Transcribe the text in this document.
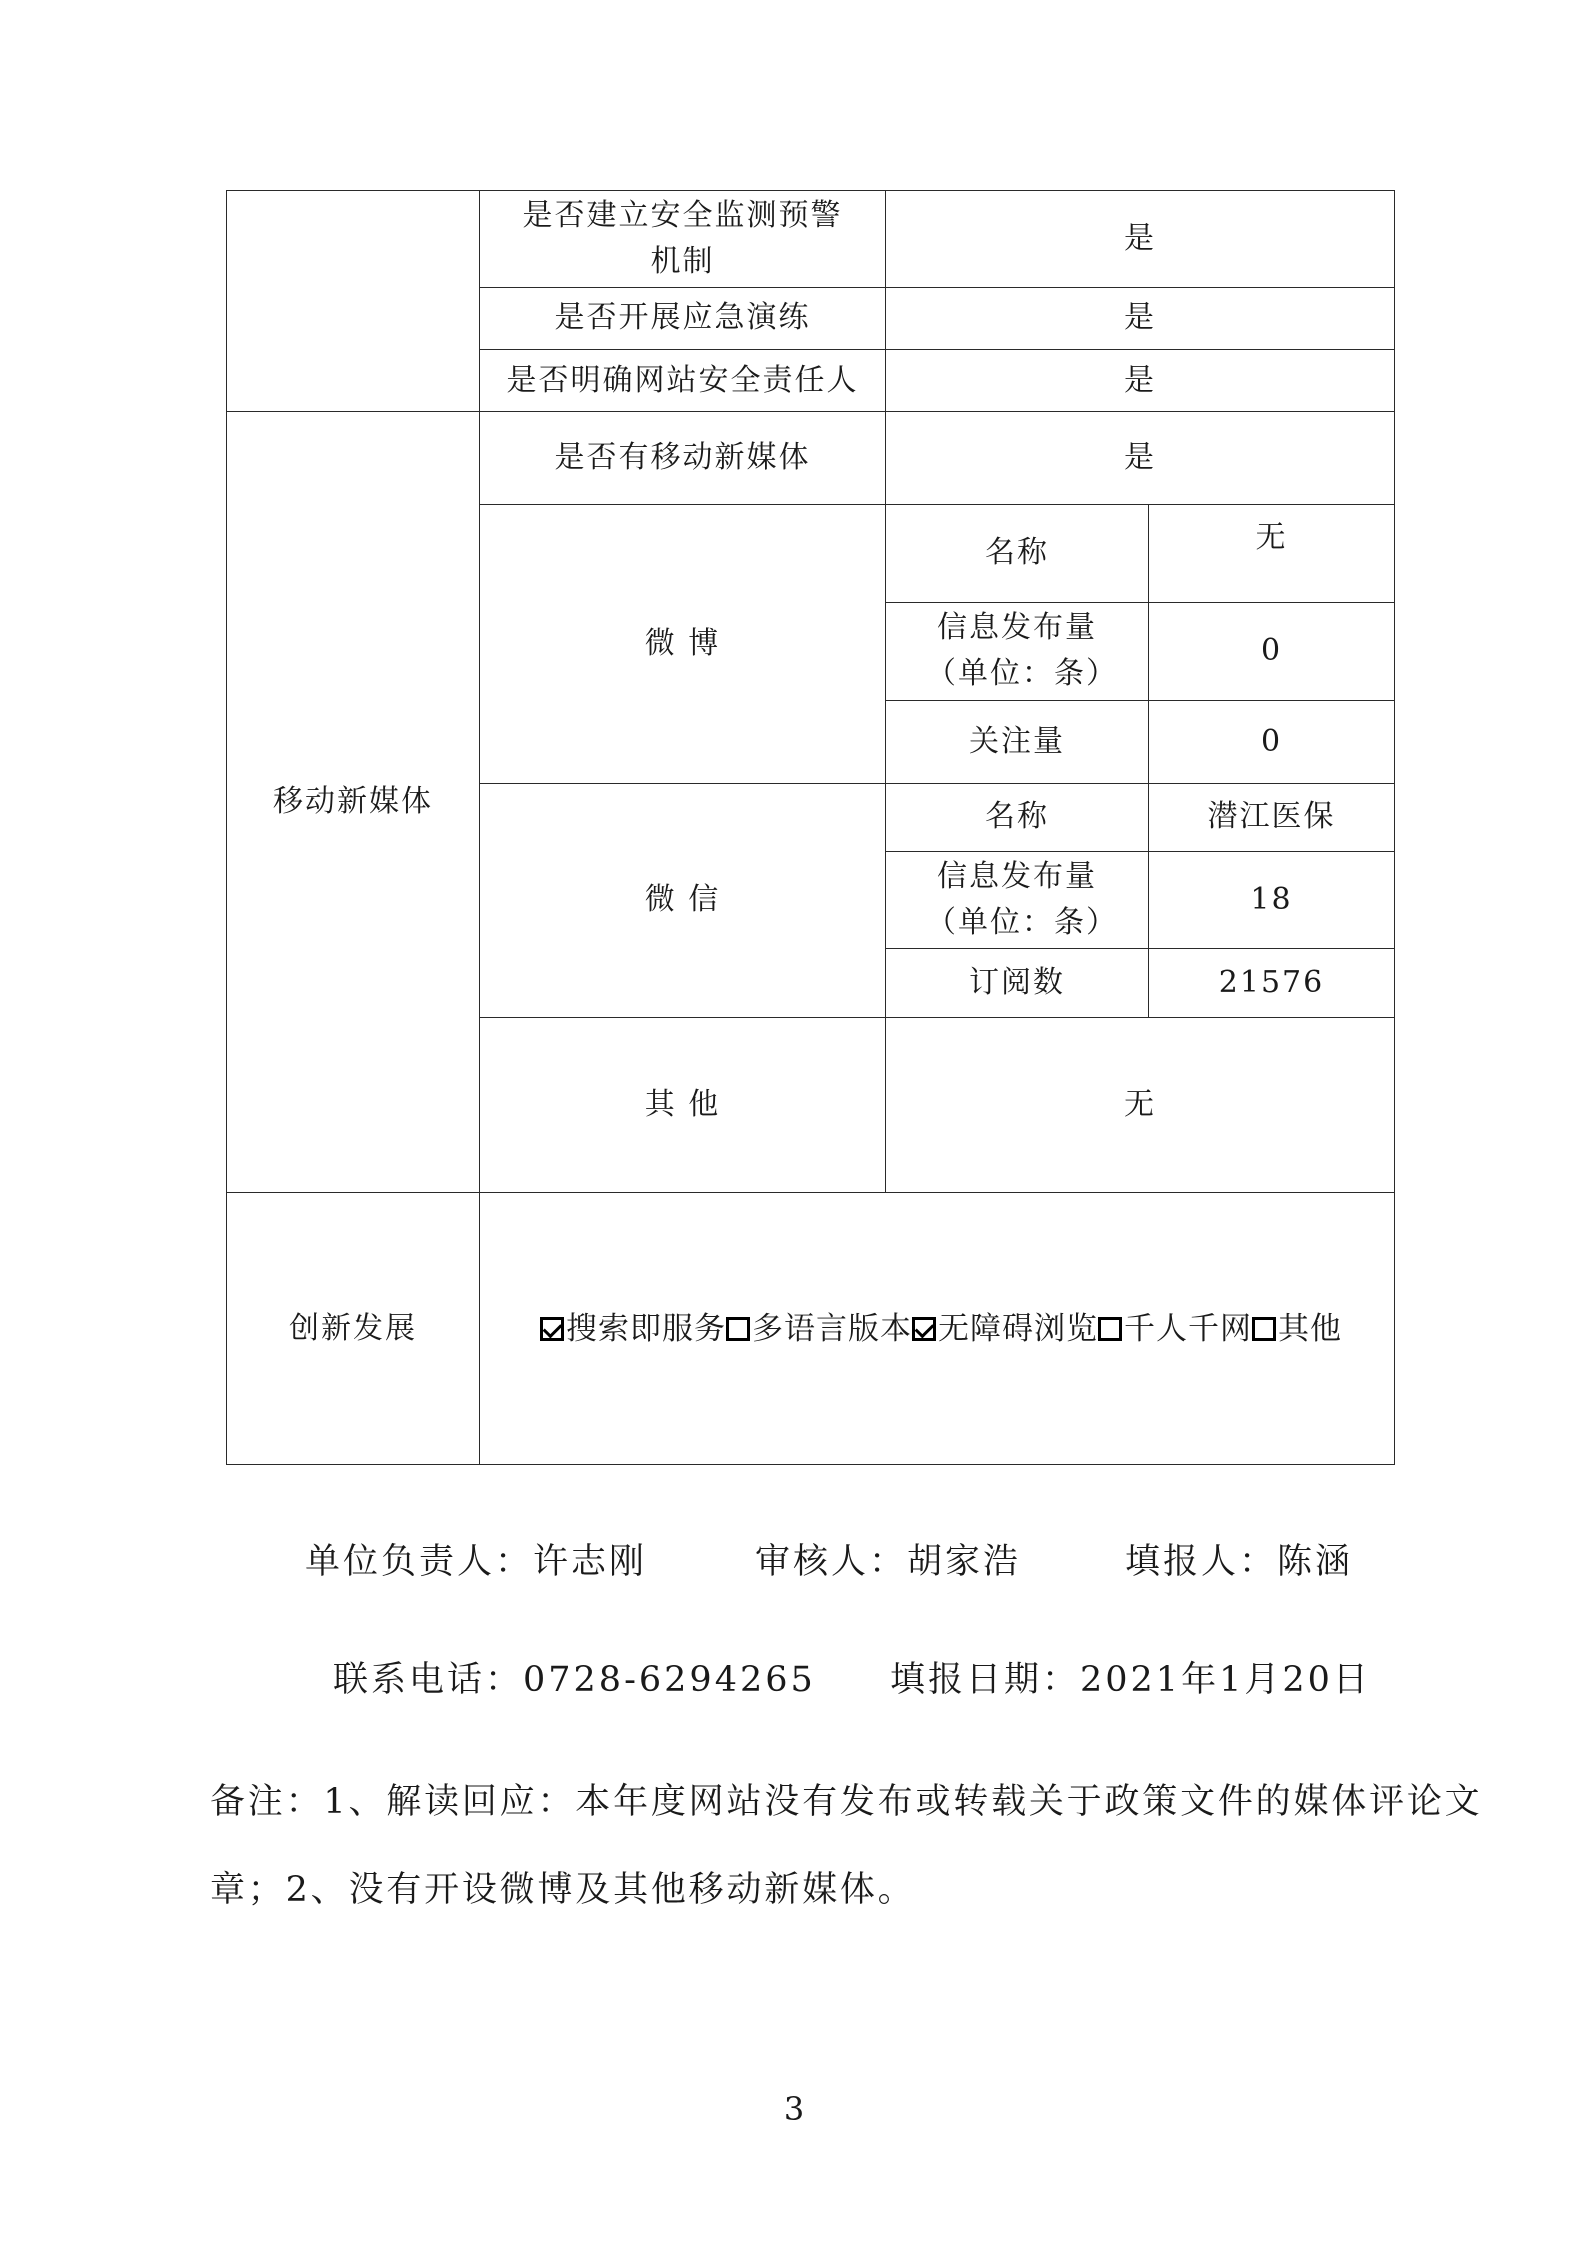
	是否建立安全监测预警机制	是	
	是否开展应急演练	是	
	是否明确网站安全责任人	是	
移动新媒体	是否有移动新媒体	是	
	微 博	名称	无
		信息发布量（单位：条）	0
		关注量	0
	微 信	名称	潜江医保
		信息发布量（单位：条）	18
		订阅数	21576
	其 他	无	
创新发展	搜索即服务 多语言版本 无障碍浏览 千人千网 其他		
单位负责人：许志刚	审核人：胡家浩	填报人：陈涵
联系电话：0728-6294265 填报日期：2021年1月20日
备注：1、解读回应：本年度网站没有发布或转载关于政策文件的媒体评论文
章；2、没有开设微博及其他移动新媒体。
3
